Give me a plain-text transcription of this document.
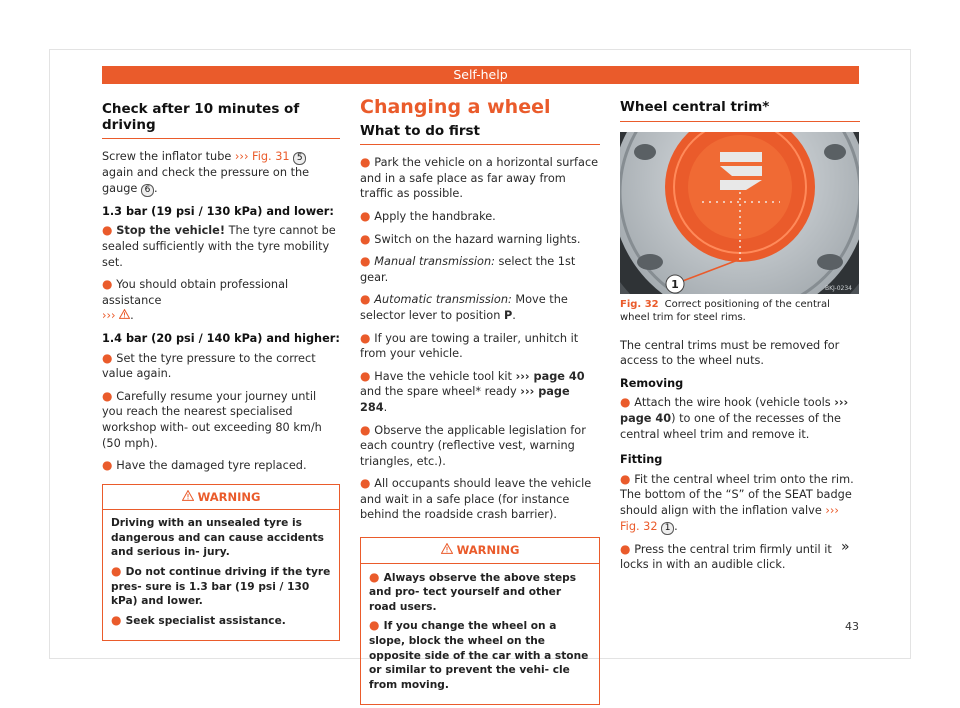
Self-help
Check after 10 minutes of driving

Screw the inflator tube ››› Fig. 31 5 again and check the pressure on the gauge 6 .

1.3 bar (19 psi / 130 kPa) and lower:

● Stop the vehicle! The tyre cannot be sealed sufficiently with the tyre mobility set.

● You should obtain professional assistance
››› .

1.4 bar (20 psi / 140 kPa) and higher:

● Set the tyre pressure to the correct value again.

● Carefully resume your journey until you reach the nearest specialised workshop with- out exceeding 80 km/h (50 mph).

● Have the damaged tyre replaced.

WARNING

Driving with an unsealed tyre is dangerous and can cause accidents and serious in- jury.

● Do not continue driving if the tyre pres- sure is 1.3 bar (19 psi / 130 kPa) and lower.

● Seek specialist assistance.

Changing a wheel
What to do first

● Park the vehicle on a horizontal surface and in a safe place as far away from traffic as possible.

● Apply the handbrake.

● Switch on the hazard warning lights.

● Manual transmission: select the 1st gear.

● Automatic transmission: Move the selector lever to position P.

● If you are towing a trailer, unhitch it from your vehicle.

● Have the vehicle tool kit ››› page 40 and the spare wheel* ready ››› page 284.

● Observe the applicable legislation for each country (reflective vest, warning triangles, etc.).

● All occupants should leave the vehicle and wait in a safe place (for instance behind the roadside crash barrier).

WARNING

● Always observe the above steps and pro- tect yourself and other road users.

● If you change the wheel on a slope, block the wheel on the opposite side of the car with a stone or similar to prevent the vehi- cle from moving.

Wheel central trim*
1	BKJ-0234
Fig. 32 Correct positioning of the central wheel trim for steel rims.

The central trims must be removed for access to the wheel nuts.

Removing

● Attach the wire hook (vehicle tools ››› page 40) to one of the recesses of the central wheel trim and remove it.

Fitting

● Fit the central wheel trim onto the rim. The bottom of the “S” of the SEAT badge should align with the inflation valve ››› Fig. 32 1 .

● Press the central trim firmly until it locks in with an audible click.

»
43
